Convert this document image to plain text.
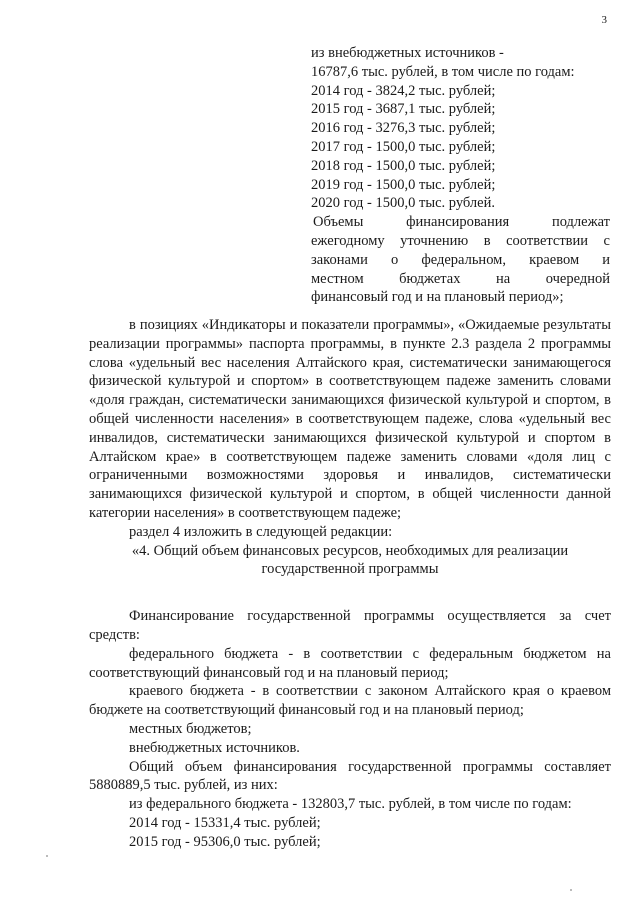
3

из внебюджетных источников -

16787,6 тыс. рублей, в том числе по годам:

2014 год - 3824,2 тыс. рублей;

2015 год - 3687,1 тыс. рублей;

2016 год - 3276,3 тыс. рублей;

2017 год - 1500,0 тыс. рублей;

2018 год - 1500,0 тыс. рублей;

2019 год - 1500,0 тыс. рублей;

2020 год - 1500,0 тыс. рублей.

Объемы финансирования подлежат

ежегодному уточнению в соответствии с

законами о федеральном, краевом и

местном бюджетах на очередной

финансовый год и на плановый период»;

в позициях «Индикаторы и показатели программы», «Ожидаемые результаты реализации программы» паспорта программы, в пункте 2.3 раздела 2 программы слова «удельный вес населения Алтайского края, систематически занимающегося физической культурой и спортом» в соответствующем падеже заменить словами «доля граждан, систематически занимающихся физической культурой и спортом, в общей численности населения» в соответствующем падеже, слова «удельный вес инвалидов, систематически занимающихся физической культурой и спортом в Алтайском крае» в соответствующем падеже заменить словами «доля лиц с ограниченными возможностями здоровья и инвалидов, систематически занимающихся физической культурой и спортом, в общей численности данной категории населения» в соответствующем падеже;

раздел 4 изложить в следующей редакции:

«4. Общий объем финансовых ресурсов, необходимых для реализации

государственной программы

Финансирование государственной программы осуществляется за счет средств:

федерального бюджета - в соответствии с федеральным бюджетом на соответствующий финансовый год и на плановый период;

краевого бюджета - в соответствии с законом Алтайского края о краевом бюджете на соответствующий финансовый год и на плановый период;

местных бюджетов;

внебюджетных источников.

Общий объем финансирования государственной программы составляет 5880889,5 тыс. рублей, из них:

из федерального бюджета - 132803,7 тыс. рублей, в том числе по годам:

2014 год - 15331,4 тыс. рублей;

2015 год - 95306,0 тыс. рублей;
